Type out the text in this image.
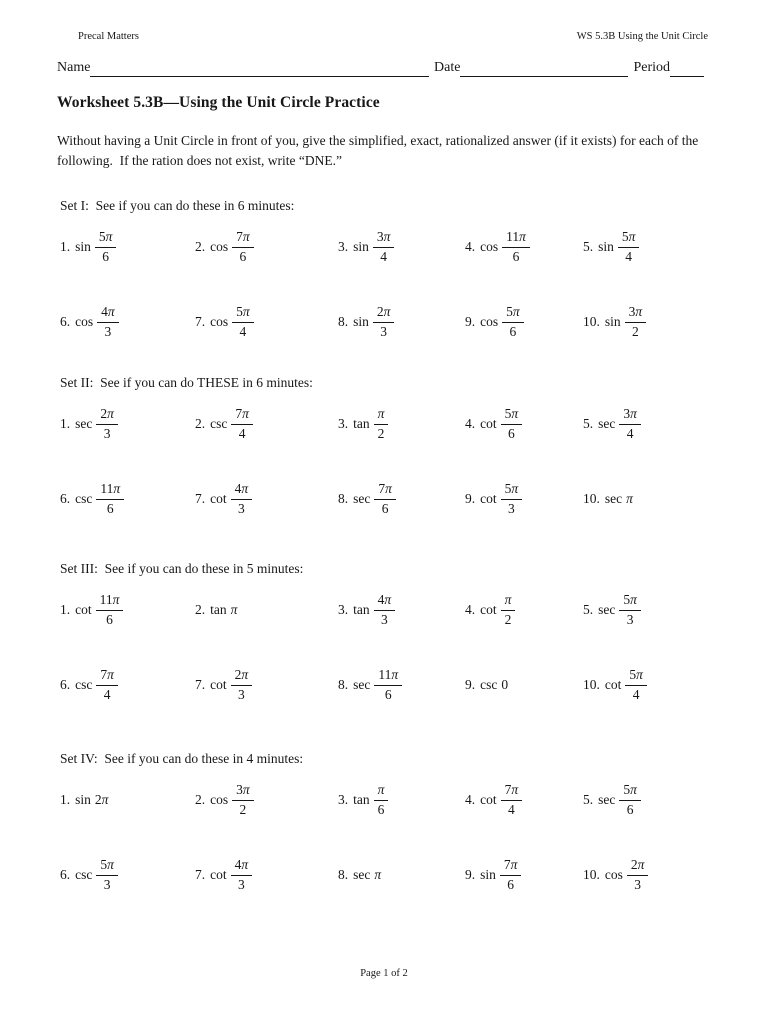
Precal Matters	WS 5.3B Using the Unit Circle
Name	Date	Period
Worksheet 5.3B—Using the Unit Circle Practice
Without having a Unit Circle in front of you, give the simplified, exact, rationalized answer (if it exists) for each of the following.  If the ration does not exist, write “DNE.”
Set I:  See if you can do these in 6 minutes:
1. $\sin \frac{5\pi}{6}$	2. $\cos \frac{7\pi}{6}$	3. $\sin \frac{3\pi}{4}$	4. $\cos \frac{11\pi}{6}$	5. $\sin \frac{5\pi}{4}$
6. $\cos \frac{4\pi}{3}$	7. $\cos \frac{5\pi}{4}$	8. $\sin \frac{2\pi}{3}$	9. $\cos \frac{5\pi}{6}$	10. $\sin \frac{3\pi}{2}$
Set II:  See if you can do THESE in 6 minutes:
1. $\sec \frac{2\pi}{3}$	2. $\csc \frac{7\pi}{4}$	3. $\tan \frac{\pi}{2}$	4. $\cot \frac{5\pi}{6}$	5. $\sec \frac{3\pi}{4}$
6. $\csc \frac{11\pi}{6}$	7. $\cot \frac{4\pi}{3}$	8. $\sec \frac{7\pi}{6}$	9. $\cot \frac{5\pi}{3}$	10. sec π
Set III:  See if you can do these in 5 minutes:
1. $\cot \frac{11\pi}{6}$	2. tan π	3. $\tan \frac{4\pi}{3}$	4. $\cot \frac{\pi}{2}$	5. $\sec \frac{5\pi}{3}$
6. $\csc \frac{7\pi}{4}$	7. $\cot \frac{2\pi}{3}$	8. $\sec \frac{11\pi}{6}$	9. csc 0	10. $\cot \frac{5\pi}{4}$
Set IV:  See if you can do these in 4 minutes:
1. sin 2π	2. $\cos \frac{3\pi}{2}$	3. $\tan \frac{\pi}{6}$	4. $\cot \frac{7\pi}{4}$	5. $\sec \frac{5\pi}{6}$
6. $\csc \frac{5\pi}{3}$	7. $\cot \frac{4\pi}{3}$	8. sec π	9. $\sin \frac{7\pi}{6}$	10. $\cos \frac{2\pi}{3}$
Page 1 of 2
